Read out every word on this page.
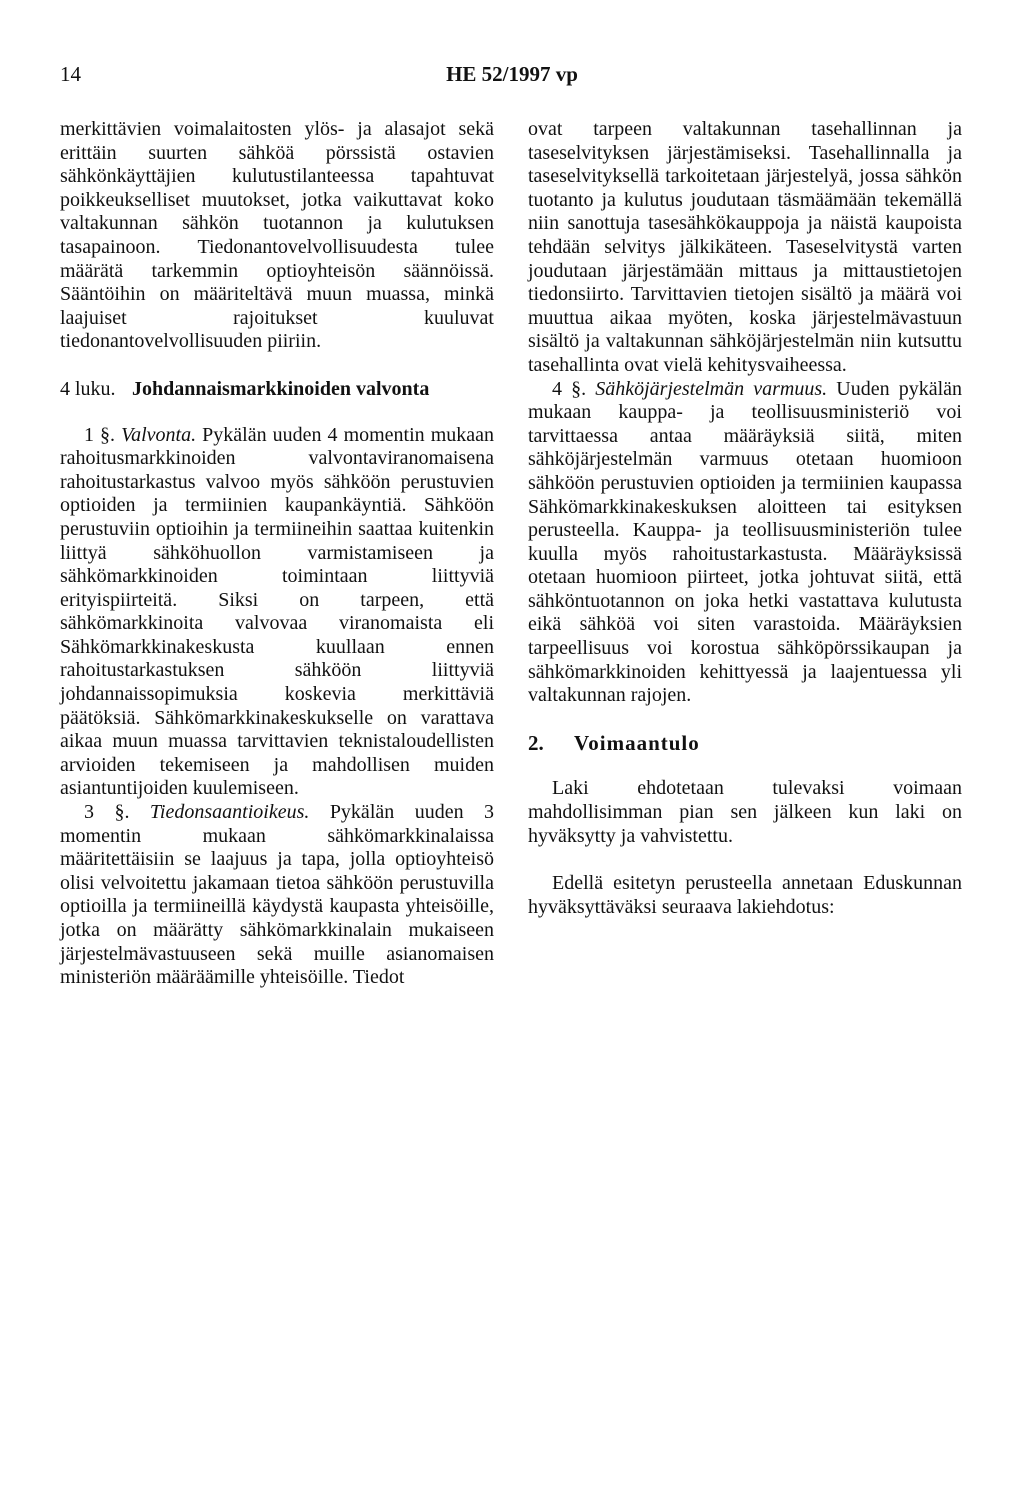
14	HE 52/1997 vp

merkittävien voimalaitosten ylös- ja alasajot sekä erittäin suurten sähköä pörssistä ostavien sähkönkäyttäjien kulutustilanteessa tapahtuvat poikkeukselliset muutokset, jotka vaikuttavat koko valtakunnan sähkön tuotannon ja kulutuksen tasapainoon. Tiedonantovelvollisuudesta tulee määrätä tarkemmin optioyhteisön säännöissä. Sääntöihin on määriteltävä muun muassa, minkä laajuiset rajoitukset kuuluvat tiedonantovelvollisuuden piiriin.

4 luku. Johdannaismarkkinoiden valvonta

1 §. Valvonta. Pykälän uuden 4 momentin mukaan rahoitusmarkkinoiden valvontaviranomaisena rahoitustarkastus valvoo myös sähköön perustuvien optioiden ja termiinien kaupankäyntiä. Sähköön perustuviin optioihin ja termiineihin saattaa kuitenkin liittyä sähköhuollon varmistamiseen ja sähkömarkkinoiden toimintaan liittyviä erityispiirteitä. Siksi on tarpeen, että sähkömarkkinoita valvovaa viranomaista eli Sähkömarkkinakeskusta kuullaan ennen rahoitustarkastuksen sähköön liittyviä johdannaissopimuksia koskevia merkittäviä päätöksiä. Sähkömarkkinakeskukselle on varattava aikaa muun muassa tarvittavien teknistaloudellisten arvioiden tekemiseen ja mahdollisen muiden asiantuntijoiden kuulemiseen.

3 §. Tiedonsaantioikeus. Pykälän uuden 3 momentin mukaan sähkömarkkinalaissa määritettäisiin se laajuus ja tapa, jolla optioyhteisö olisi velvoitettu jakamaan tietoa sähköön perustuvilla optioilla ja termiineillä käydystä kaupasta yhteisöille, jotka on määrätty sähkömarkkinalain mukaiseen järjestelmävastuuseen sekä muille asianomaisen ministeriön määräämille yhteisöille. Tiedot

ovat tarpeen valtakunnan tasehallinnan ja taseselvityksen järjestämiseksi. Tasehallinnalla ja taseselvityksellä tarkoitetaan järjestelyä, jossa sähkön tuotanto ja kulutus joudutaan täsmäämään tekemällä niin sanottuja tasesähkökauppoja ja näistä kaupoista tehdään selvitys jälkikäteen. Taseselvitystä varten joudutaan järjestämään mittaus ja mittaustietojen tiedonsiirto. Tarvittavien tietojen sisältö ja määrä voi muuttua aikaa myöten, koska järjestelmävastuun sisältö ja valtakunnan sähköjärjestelmän niin kutsuttu tasehallinta ovat vielä kehitysvaiheessa.

4 §. Sähköjärjestelmän varmuus. Uuden pykälän mukaan kauppa- ja teollisuusministeriö voi tarvittaessa antaa määräyksiä siitä, miten sähköjärjestelmän varmuus otetaan huomioon sähköön perustuvien optioiden ja termiinien kaupassa Sähkömarkkinakeskuksen aloitteen tai esityksen perusteella. Kauppa- ja teollisuusministeriön tulee kuulla myös rahoitustarkastusta. Määräyksissä otetaan huomioon piirteet, jotka johtuvat siitä, että sähköntuotannon on joka hetki vastattava kulutusta eikä sähköä voi siten varastoida. Määräyksien tarpeellisuus voi korostua sähköpörssikaupan ja sähkömarkkinoiden kehittyessä ja laajentuessa yli valtakunnan rajojen.

2. Voimaantulo

Laki ehdotetaan tulevaksi voimaan mahdollisimman pian sen jälkeen kun laki on hyväksytty ja vahvistettu.

Edellä esitetyn perusteella annetaan Eduskunnan hyväksyttäväksi seuraava lakiehdotus:
